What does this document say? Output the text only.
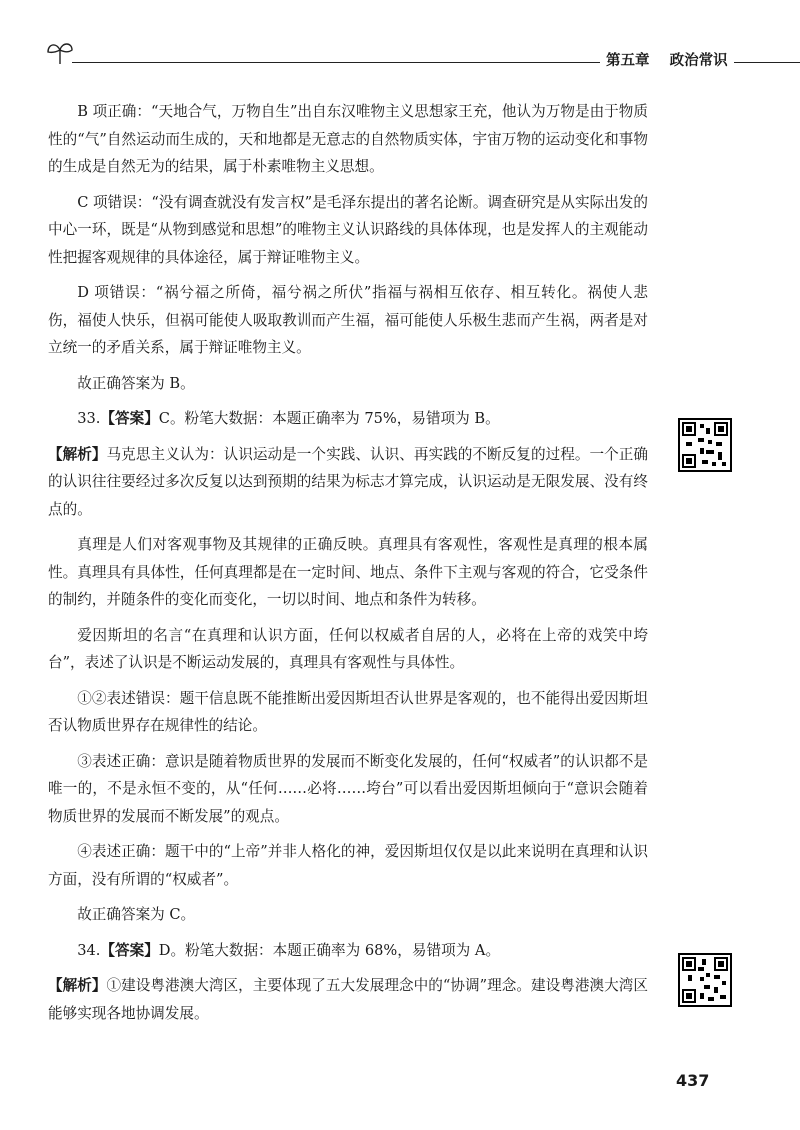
第五章 政治常识

B 项正确：“天地合气，万物自生”出自东汉唯物主义思想家王充，他认为万物是由于物质性的“气”自然运动而生成的，天和地都是无意志的自然物质实体，宇宙万物的运动变化和事物的生成是自然无为的结果，属于朴素唯物主义思想。

C 项错误：“没有调查就没有发言权”是毛泽东提出的著名论断。调查研究是从实际出发的中心一环，既是“从物到感觉和思想”的唯物主义认识路线的具体体现，也是发挥人的主观能动性把握客观规律的具体途径，属于辩证唯物主义。

D 项错误：“祸兮福之所倚，福兮祸之所伏”指福与祸相互依存、相互转化。祸使人悲伤，福使人快乐，但祸可能使人吸取教训而产生福，福可能使人乐极生悲而产生祸，两者是对立统一的矛盾关系，属于辩证唯物主义。

故正确答案为 B。

33.【答案】C。粉笔大数据：本题正确率为 75%，易错项为 B。

【解析】马克思主义认为：认识运动是一个实践、认识、再实践的不断反复的过程。一个正确的认识往往要经过多次反复以达到预期的结果为标志才算完成，认识运动是无限发展、没有终点的。

真理是人们对客观事物及其规律的正确反映。真理具有客观性，客观性是真理的根本属性。真理具有具体性，任何真理都是在一定时间、地点、条件下主观与客观的符合，它受条件的制约，并随条件的变化而变化，一切以时间、地点和条件为转移。

爱因斯坦的名言“在真理和认识方面，任何以权威者自居的人，必将在上帝的戏笑中垮台”，表述了认识是不断运动发展的，真理具有客观性与具体性。

①②表述错误：题干信息既不能推断出爱因斯坦否认世界是客观的，也不能得出爱因斯坦否认物质世界存在规律性的结论。

③表述正确：意识是随着物质世界的发展而不断变化发展的，任何“权威者”的认识都不是唯一的，不是永恒不变的，从“任何……必将……垮台”可以看出爱因斯坦倾向于“意识会随着物质世界的发展而不断发展”的观点。

④表述正确：题干中的“上帝”并非人格化的神，爱因斯坦仅仅是以此来说明在真理和认识方面，没有所谓的“权威者”。

故正确答案为 C。

34.【答案】D。粉笔大数据：本题正确率为 68%，易错项为 A。

【解析】①建设粤港澳大湾区，主要体现了五大发展理念中的“协调”理念。建设粤港澳大湾区能够实现各地协调发展。

437
